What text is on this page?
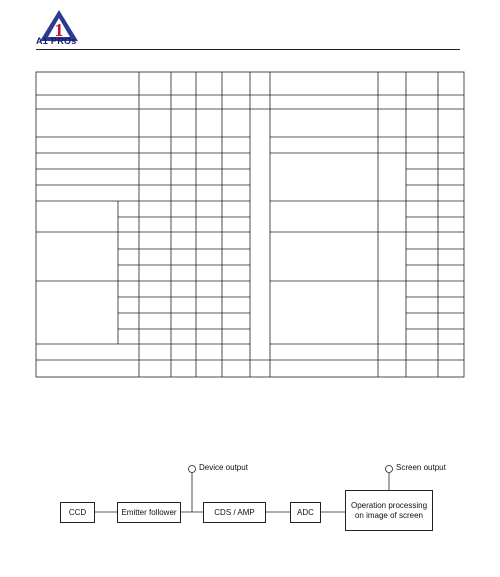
1
A1 PROs
CCD	Emitter follower	CDS / AMP	ADC
Operation processing
on image of screen
Device output	Screen output
